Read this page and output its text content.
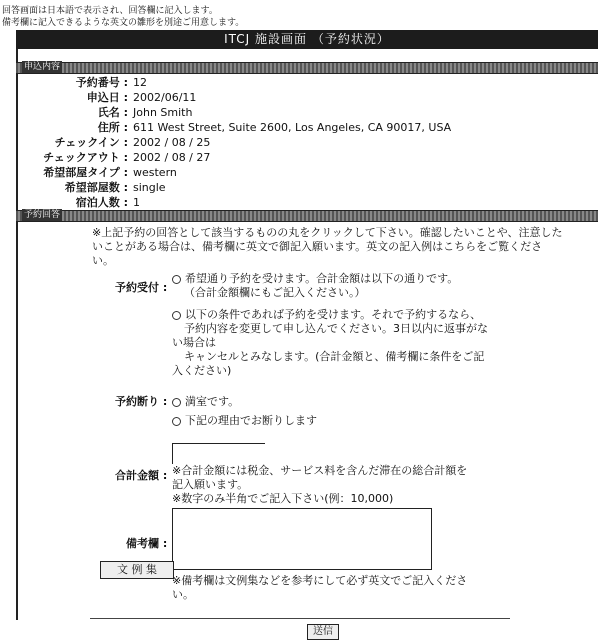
回答画面は日本語で表示され、回答欄に記入します。
備考欄に記入できるような英文の雛形を別途ご用意します。
ITCJ 施設画面 （予約状況）
申込内容
予約番号 : 12
申込日 : 2002/06/11
氏名 : John Smith
住所 : 611 West Street, Suite 2600, Los Angeles, CA 90017, USA
チェックイン : 2002 / 08 / 25
チェックアウト : 2002 / 08 / 27
希望部屋タイプ : western
希望部屋数 : single
宿泊人数 : 1
予約回答
※上記予約の回答として該当するものの丸をクリックして下さい。確認したいことや、注意した
いことがある場合は、備考欄に英文で御記入願います。英文の記入例はこちらをご覧くださ
い。
予約受付 :
希望通り予約を受けます。合計金額は以下の通りです。
（合計金額欄にもご記入ください。）
以下の条件であれば予約を受けます。それで予約するなら、
予約内容を変更して申し込んでください。3日以内に返事がな
い場合は
キャンセルとみなします。(合計金額と、備考欄に条件をご記
入ください)
予約断り :	満室です。
下記の理由でお断りします
合計金額 : ※合計金額には税金、サービス料を含んだ滞在の総合計額を
記入願います。
※数字のみ半角でご記入下さい(例：10,000)
備考欄 :
文 例 集
※備考欄は文例集などを参考にして必ず英文でご記入くださ
い。
送信
